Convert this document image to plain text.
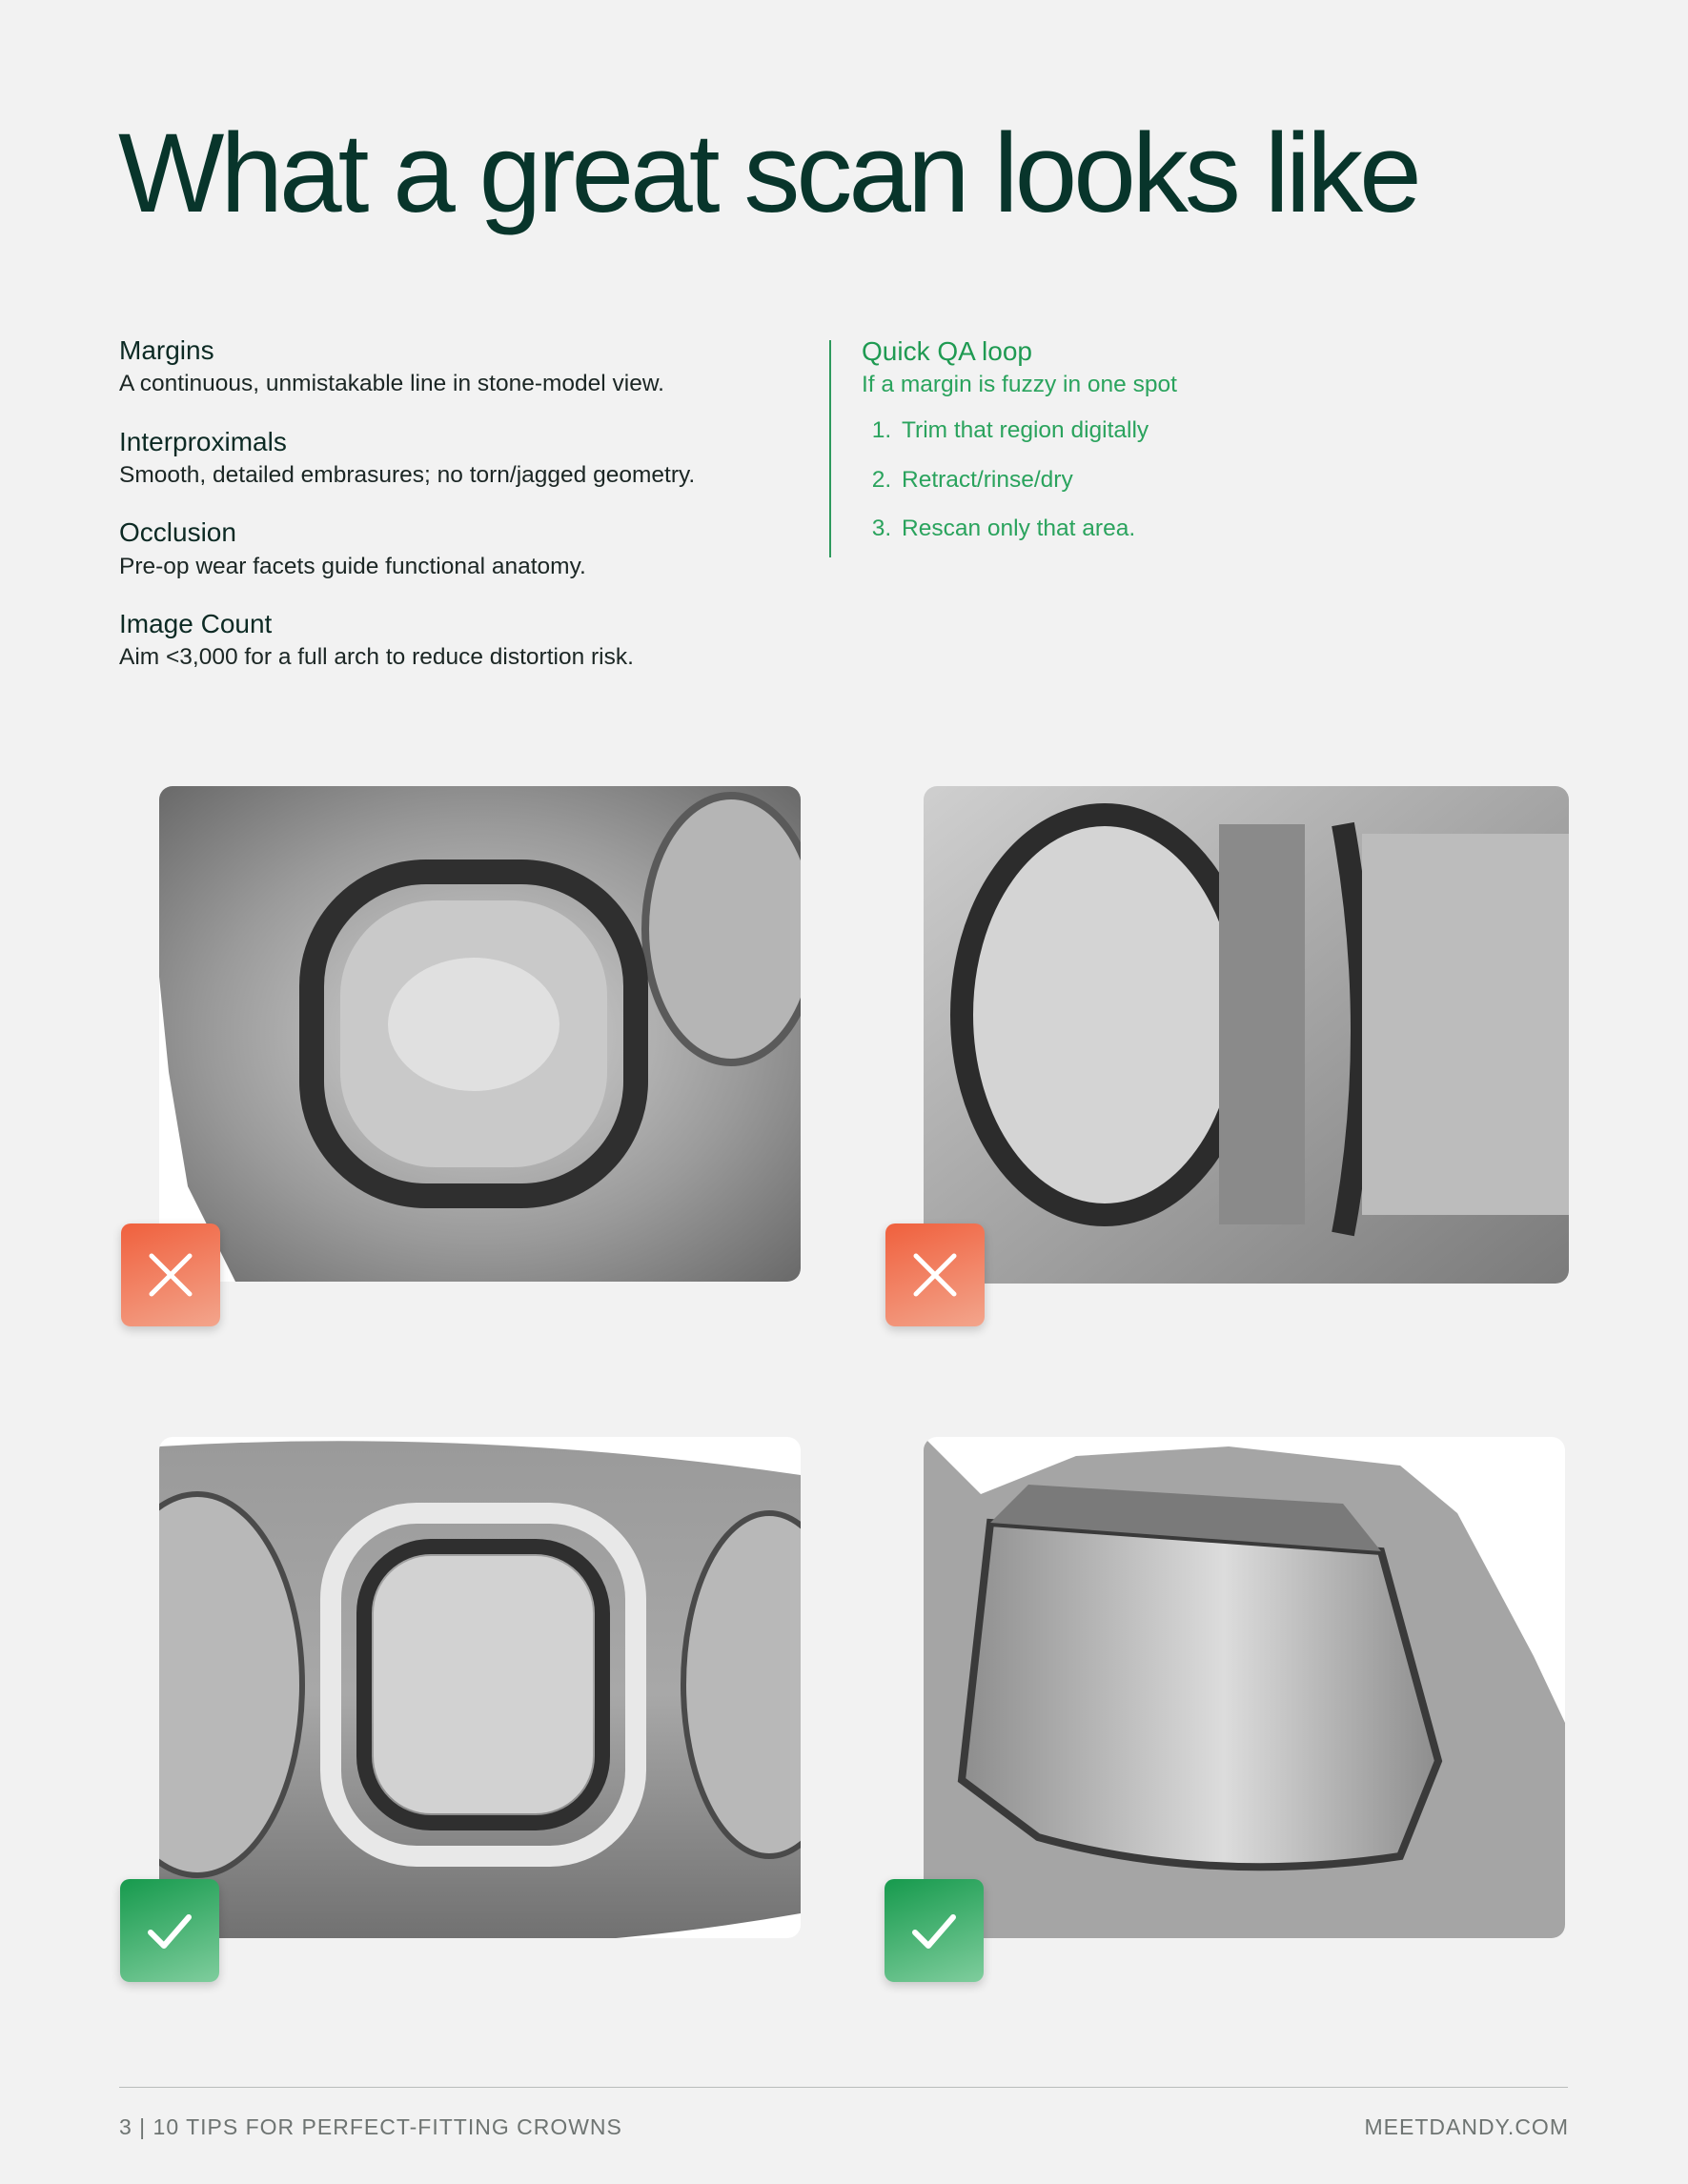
What a great scan looks like
Margins
A continuous, unmistakable line in stone-model view.
Interproximals
Smooth, detailed embrasures; no torn/jagged geometry.
Occlusion
Pre-op wear facets guide functional anatomy.
Image Count
Aim <3,000 for a full arch to reduce distortion risk.
Quick QA loop
If a margin is fuzzy in one spot
1. Trim that region digitally
2. Retract/rinse/dry
3. Rescan only that area.
3 | 10 TIPS FOR PERFECT-FITTING CROWNS	MEETDANDY.COM
